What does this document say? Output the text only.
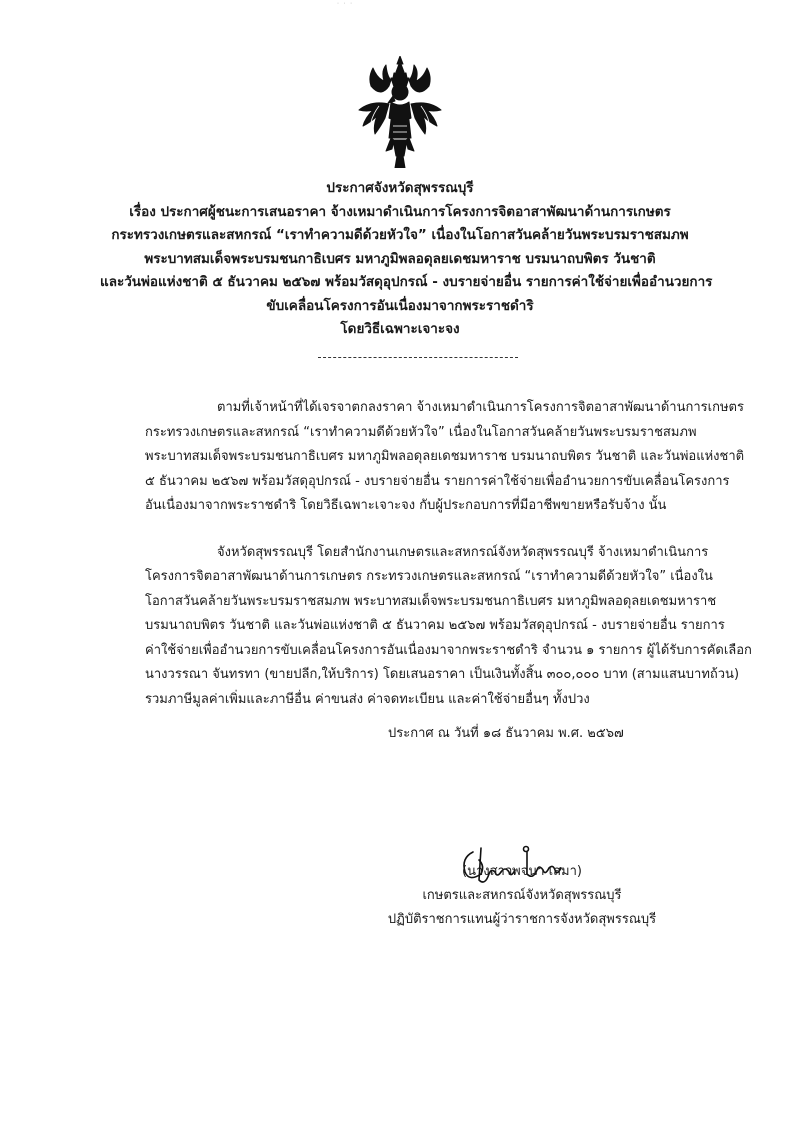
˙ ˙ ˙
ประกาศจังหวัดสุพรรณบุรี
เรื่อง ประกาศผู้ชนะการเสนอราคา จ้างเหมาดำเนินการโครงการจิตอาสาพัฒนาด้านการเกษตร
กระทรวงเกษตรและสหกรณ์ “เราทำความดีด้วยหัวใจ” เนื่องในโอกาสวันคล้ายวันพระบรมราชสมภพ
พระบาทสมเด็จพระบรมชนกาธิเบศร มหาภูมิพลอดุลยเดชมหาราช บรมนาถบพิตร วันชาติ
และวันพ่อแห่งชาติ ๕ ธันวาคม ๒๕๖๗ พร้อมวัสดุอุปกรณ์ - งบรายจ่ายอื่น รายการค่าใช้จ่ายเพื่ออำนวยการ
ขับเคลื่อนโครงการอันเนื่องมาจากพระราชดำริ
โดยวิธีเฉพาะเจาะจง
ตามที่เจ้าหน้าที่ได้เจรจาตกลงราคา จ้างเหมาดำเนินการโครงการจิตอาสาพัฒนาด้านการเกษตร
กระทรวงเกษตรและสหกรณ์ “เราทำความดีด้วยหัวใจ” เนื่องในโอกาสวันคล้ายวันพระบรมราชสมภพ
พระบาทสมเด็จพระบรมชนกาธิเบศร มหาภูมิพลอดุลยเดชมหาราช บรมนาถบพิตร วันชาติ และวันพ่อแห่งชาติ
๕ ธันวาคม ๒๕๖๗ พร้อมวัสดุอุปกรณ์ - งบรายจ่ายอื่น รายการค่าใช้จ่ายเพื่ออำนวยการขับเคลื่อนโครงการ
อันเนื่องมาจากพระราชดำริ โดยวิธีเฉพาะเจาะจง กับผู้ประกอบการที่มีอาชีพขายหรือรับจ้าง นั้น
จังหวัดสุพรรณบุรี โดยสำนักงานเกษตรและสหกรณ์จังหวัดสุพรรณบุรี จ้างเหมาดำเนินการ
โครงการจิตอาสาพัฒนาด้านการเกษตร กระทรวงเกษตรและสหกรณ์ “เราทำความดีด้วยหัวใจ” เนื่องใน
โอกาสวันคล้ายวันพระบรมราชสมภพ พระบาทสมเด็จพระบรมชนกาธิเบศร มหาภูมิพลอดุลยเดชมหาราช
บรมนาถบพิตร วันชาติ และวันพ่อแห่งชาติ ๕ ธันวาคม ๒๕๖๗ พร้อมวัสดุอุปกรณ์ - งบรายจ่ายอื่น รายการ
ค่าใช้จ่ายเพื่ออำนวยการขับเคลื่อนโครงการอันเนื่องมาจากพระราชดำริ จำนวน ๑ รายการ ผู้ได้รับการคัดเลือก
นางวรรณา จันทรทา (ขายปลีก,ให้บริการ) โดยเสนอราคา เป็นเงินทั้งสิ้น ๓๐๐,๐๐๐ บาท (สามแสนบาทถ้วน)
รวมภาษีมูลค่าเพิ่มและภาษีอื่น ค่าขนส่ง ค่าจดทะเบียน และค่าใช้จ่ายอื่นๆ ทั้งปวง
ประกาศ ณ วันที่ ๑๘ ธันวาคม พ.ศ. ๒๕๖๗
(นางสาวพจนา เสมา)
เกษตรและสหกรณ์จังหวัดสุพรรณบุรี
ปฏิบัติราชการแทนผู้ว่าราชการจังหวัดสุพรรณบุรี
